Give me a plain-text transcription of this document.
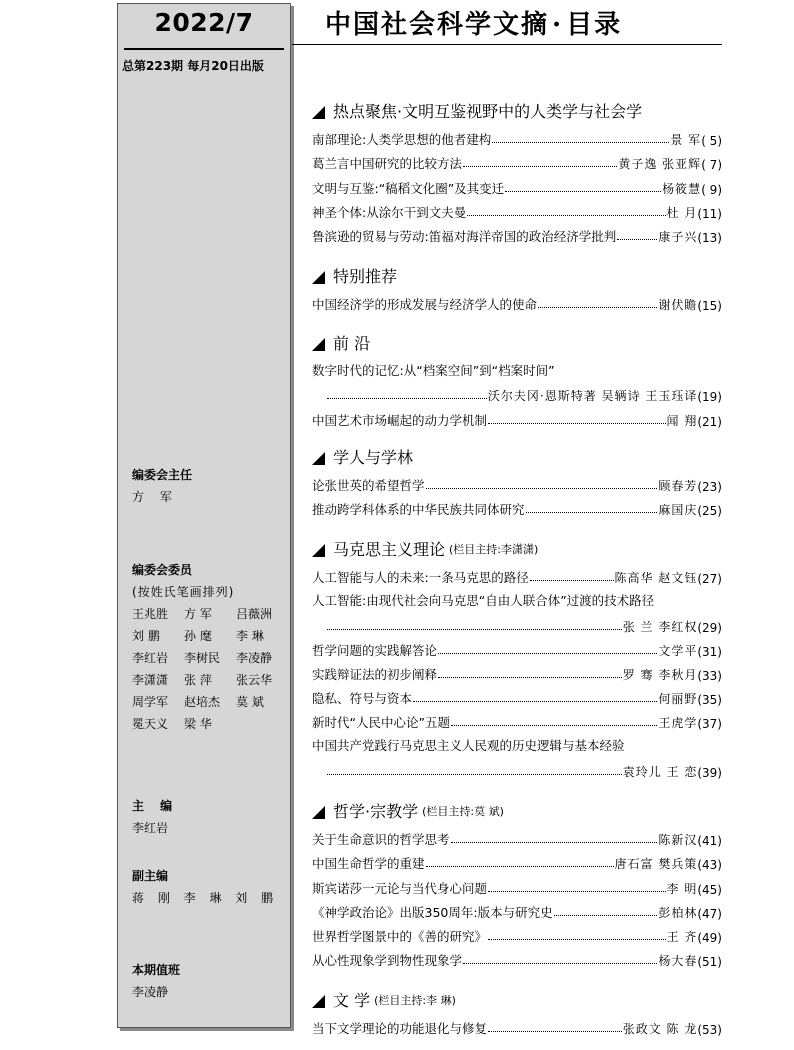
2022/7
总第223期 每月20日出版
编委会主任
方 军
编委会委员
(按姓氏笔画排列)
王兆胜 方 军 吕薇洲
刘 鹏 孙 麾 李 琳
李红岩 李树民 李凌静
李潇潇 张 萍 张云华
周学军 赵培杰 莫 斌
冕天义 梁 华
主 编
李红岩
副主编
蒋 刚 李 琳 刘 鹏
本期值班
李凌静
中国社会科学文摘 · 目录
热点聚焦·文明互鉴视野中的人类学与社会学
南部理论:人类学思想的他者建构	景 军 ( 5)
葛兰言中国研究的比较方法	黄子逸 张亚辉 ( 7)
文明与互鉴:“稿稻文化圈”及其变迁	杨筱慧 ( 9)
神圣个体:从涂尔干到文夫曼	杜 月 (11)
鲁滨逊的贸易与劳动:笛福对海洋帝国的政治经济学批判	康子兴 (13)
特别推荐
中国经济学的形成发展与经济学人的使命	谢伏瞻 (15)
前 沿
数字时代的记忆:从“档案空间”到“档案时间”
沃尔夫冈·恩斯特著 吴辆诗 王玉珏译 (19)
中国艺术市场崛起的动力学机制	闻 翔 (21)
学人与学林
论张世英的希望哲学	顾春芳 (23)
推动跨学科体系的中华民族共同体研究	麻国庆 (25)
马克思主义理论 (栏目主持:李潇潇)
人工智能与人的未来:一条马克思的路径	陈高华 赵文钰 (27)
人工智能:由现代社会向马克思“自由人联合体”过渡的技术路径
张 兰 李红权 (29)
哲学问题的实践解答论	文学平 (31)
实践辩证法的初步阐释	罗 骞 李秋月 (33)
隐私、符号与资本	何丽野 (35)
新时代“人民中心论”五题	王虎学 (37)
中国共产党践行马克思主义人民观的历史逻辑与基本经验
袁玲儿 王 恋 (39)
哲学·宗教学 (栏目主持:莫 斌)
关于生命意识的哲学思考	陈新汉 (41)
中国生命哲学的重建	唐石富 樊兵策 (43)
斯宾诺莎一元论与当代身心问题	李 明 (45)
《神学政治论》出版350周年:版本与研究史	彭柏林 (47)
世界哲学图景中的《善的研究》	王 齐 (49)
从心性现象学到物性现象学	杨大春 (51)
文 学 (栏目主持:李 琳)
当下文学理论的功能退化与修复	张政文 陈 龙 (53)
